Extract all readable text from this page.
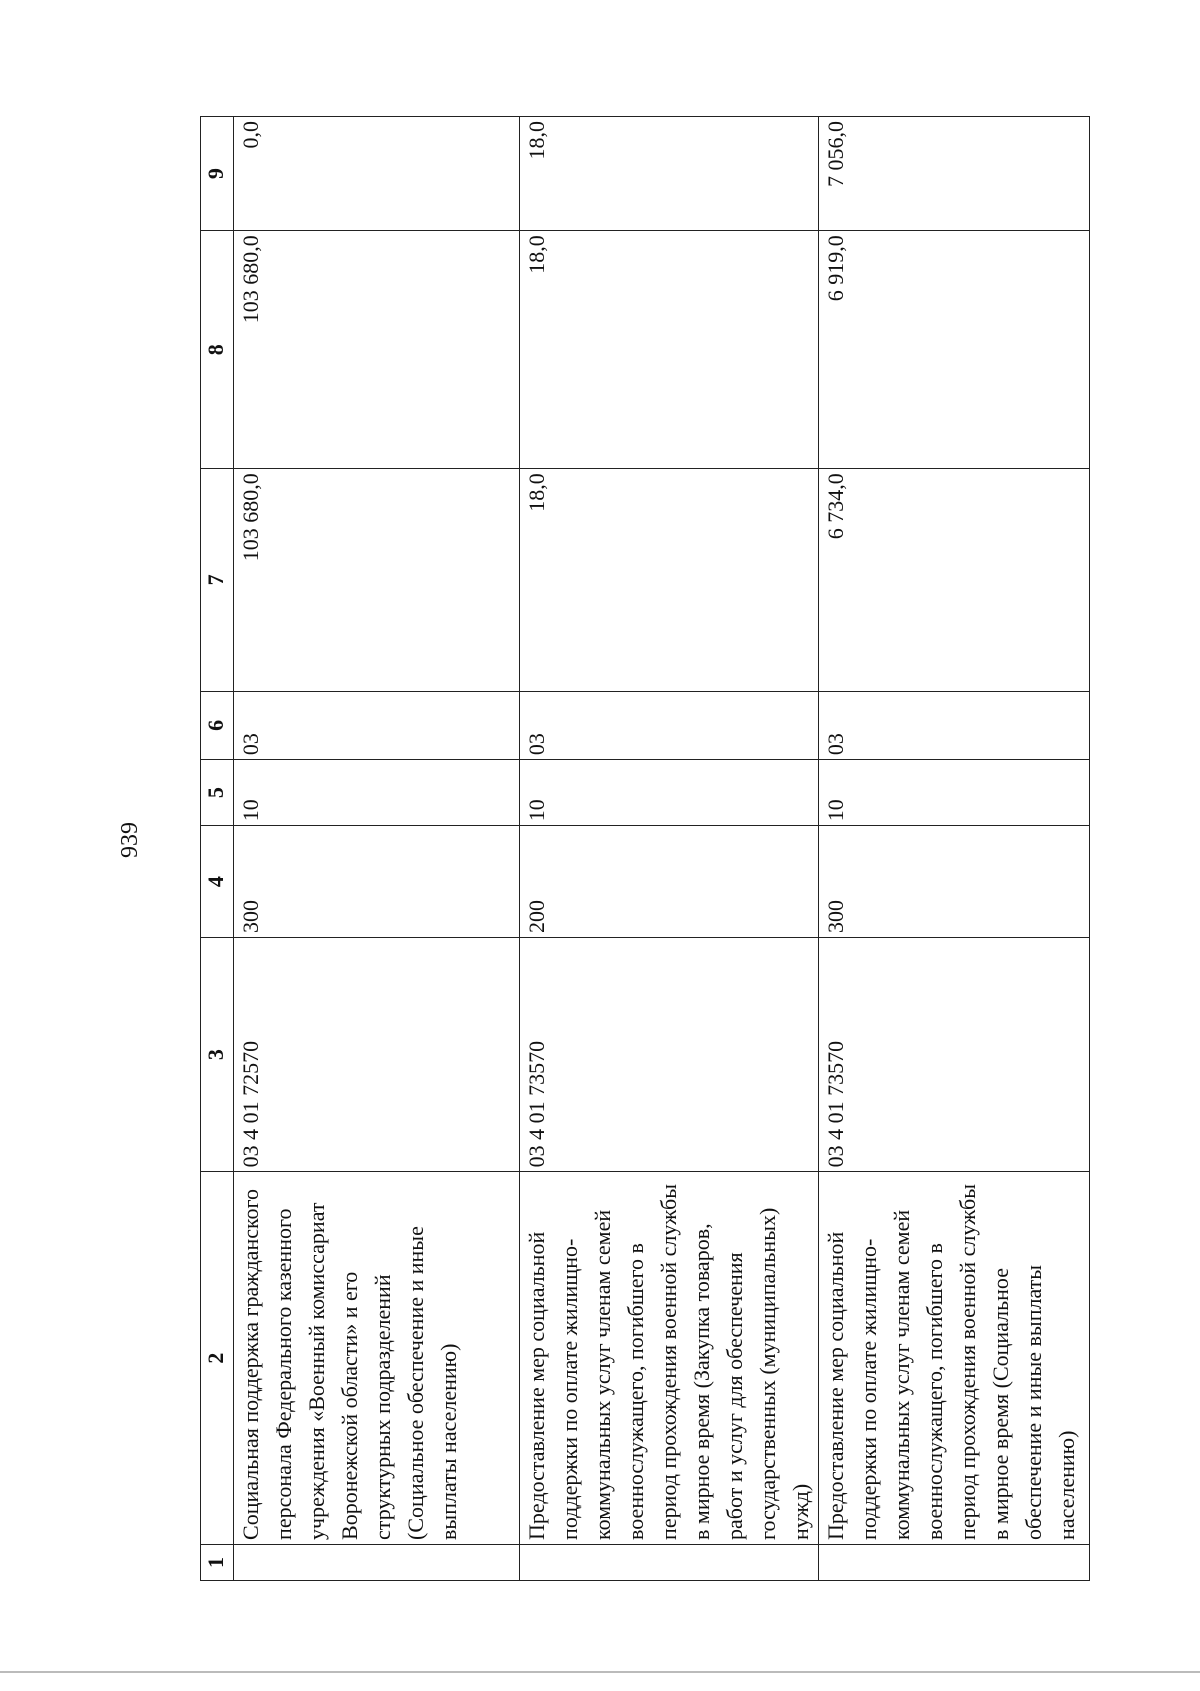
939
1	2	3	4	5	6	7	8	9
	Социальная поддержка гражданского персонала Федерального казенного учреждения «Военный комиссариат Воронежской области» и его структурных подразделений (Социальное обеспечение и иные выплаты населению)	03 4 01 72570	300	10	03	103 680,0	103 680,0	0,0
	Предоставление мер социальной поддержки по оплате жилищно-коммунальных услуг членам семей военнослужащего, погибшего в период прохождения военной службы в мирное время (Закупка товаров, работ и услуг для обеспечения государственных (муниципальных) нужд)	03 4 01 73570	200	10	03	18,0	18,0	18,0
	Предоставление мер социальной поддержки по оплате жилищно-коммунальных услуг членам семей военнослужащего, погибшего в период прохождения военной службы в мирное время (Социальное обеспечение и иные выплаты населению)	03 4 01 73570	300	10	03	6 734,0	6 919,0	7 056,0
